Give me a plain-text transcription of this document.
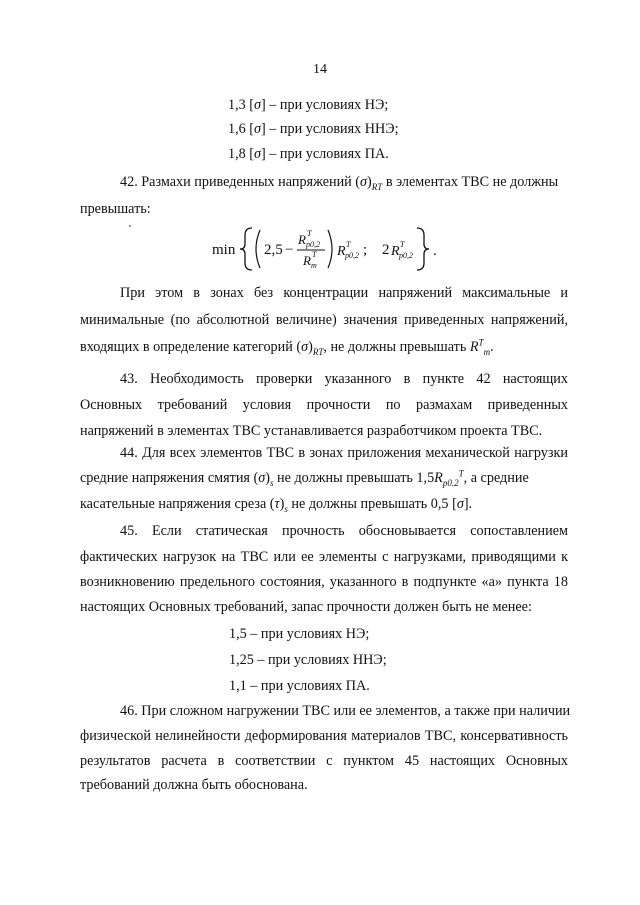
14
1,3 [σ] – при условиях НЭ;
1,6 [σ] – при условиях ННЭ;
1,8 [σ] – при условиях ПА.
42. Размахи приведенных напряжений $(\sigma)_{RT}$ в элементах ТВС не должны
превышать:
min 2,5 −
R p0,2
T
R m
T R p0,2
T ; 2 R p0,2
T .
При этом в зонах без концентрации напряжений максимальные и
минимальные (по абсолютной величине) значения приведенных напряжений,
входящих в определение категорий $(\sigma)_{RT}$, не должны превышать $R^T_m$.
43. Необходимость проверки указанного в пункте 42 настоящих
Основных требований условия прочности по размахам приведенных
напряжений в элементах ТВС устанавливается разработчиком проекта ТВС.
44. Для всех элементов ТВС в зонах приложения механической нагрузки
средние напряжения смятия $(\sigma)_s$ не должны превышать $1,5R_{p0.2}^T$, а средние
касательные напряжения среза $(\tau)_s$ не должны превышать 0,5 [σ].
45. Если статическая прочность обосновывается сопоставлением
фактических нагрузок на ТВС или ее элементы с нагрузками, приводящими к
возникновению предельного состояния, указанного в подпункте «а» пункта 18
настоящих Основных требований, запас прочности должен быть не менее:
1,5 – при условиях НЭ;
1,25 – при условиях ННЭ;
1,1 – при условиях ПА.
46. При сложном нагружении ТВС или ее элементов, а также при наличии
физической нелинейности деформирования материалов ТВС, консервативность
результатов расчета в соответствии с пунктом 45 настоящих Основных
требований должна быть обоснована.
